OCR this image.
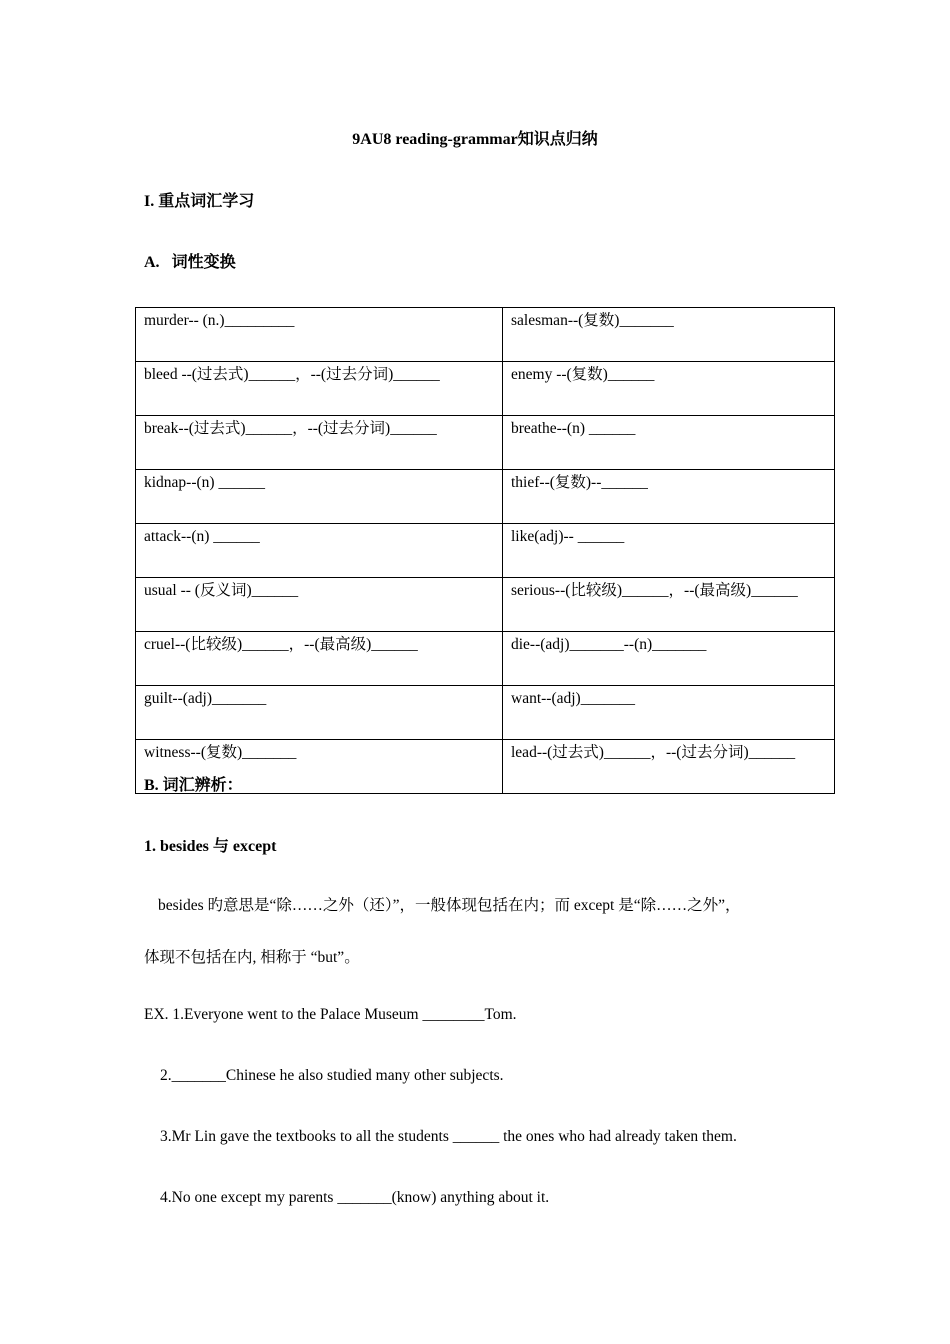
9AU8 reading-grammar知识点归纳
I. 重点词汇学习
A. 词性变换
murder-- (n.)_________	salesman--(复数)_______
bleed --(过去式)______，--(过去分词)______	enemy --(复数)______
break--(过去式)______，--(过去分词)______	breathe--(n) ______
kidnap--(n) ______	thief--(复数)--______
attack--(n) ______	like(adj)-- ______
usual -- (反义词)______	serious--(比较级)______，--(最高级)______
cruel--(比较级)______，--(最高级)______	die--(adj)_______--(n)_______
guilt--(adj)_______	want--(adj)_______
witness--(复数)_______	lead--(过去式)______，--(过去分词)______
B. 词汇辨析：
1. besides 与 except
besides 旳意思是“除……之外（还）”，一般体现包括在内；而 except 是“除……之外”，
体现不包括在内, 相称于 “but”。
EX. 1.Everyone went to the Palace Museum ________Tom.
2._______Chinese he also studied many other subjects.
3.Mr Lin gave the textbooks to all the students ______ the ones who had already taken them.
4.No one except my parents _______(know) anything about it.
